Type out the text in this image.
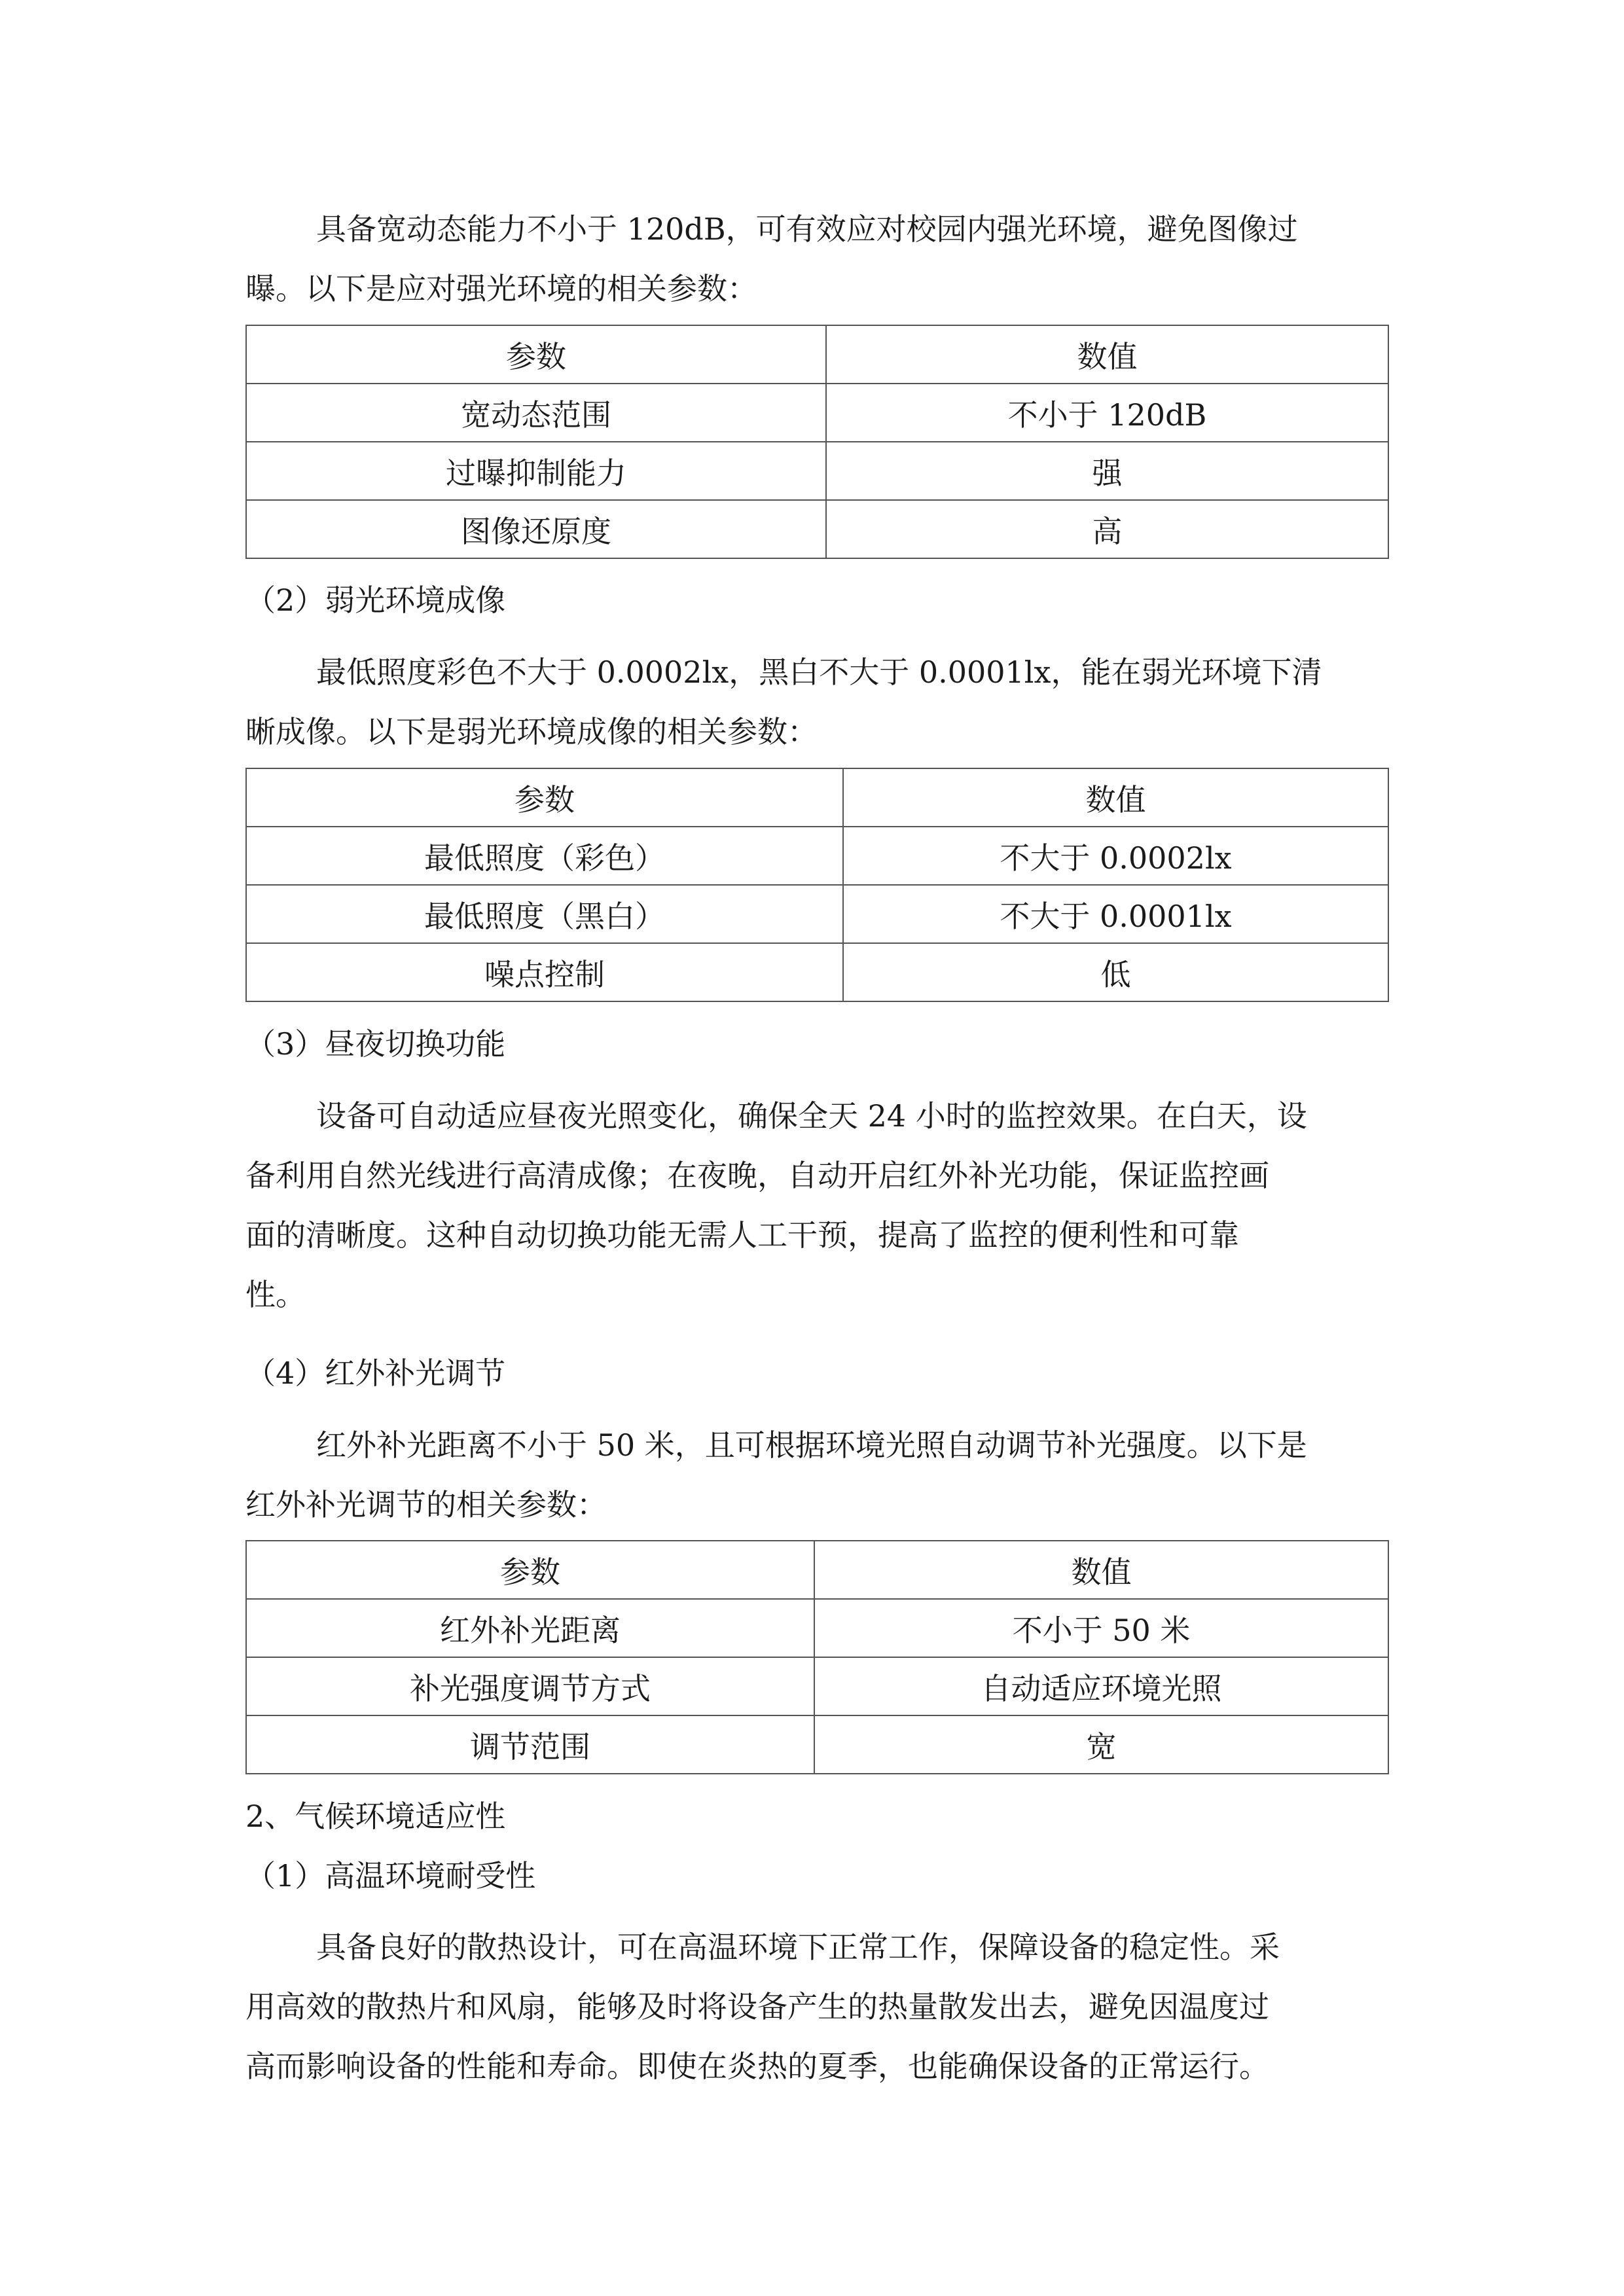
具备宽动态能力不小于 120dB，可有效应对校园内强光环境，避免图像过
曝。以下是应对强光环境的相关参数：
参数	数值
宽动态范围	不小于 120dB
过曝抑制能力	强
图像还原度	高
（2）弱光环境成像
最低照度彩色不大于 0.0002lx，黑白不大于 0.0001lx，能在弱光环境下清
晰成像。以下是弱光环境成像的相关参数：
参数	数值
最低照度（彩色）	不大于 0.0002lx
最低照度（黑白）	不大于 0.0001lx
噪点控制	低
（3）昼夜切换功能
设备可自动适应昼夜光照变化，确保全天 24 小时的监控效果。在白天，设
备利用自然光线进行高清成像；在夜晚，自动开启红外补光功能，保证监控画
面的清晰度。这种自动切换功能无需人工干预，提高了监控的便利性和可靠
性。
（4）红外补光调节
红外补光距离不小于 50 米，且可根据环境光照自动调节补光强度。以下是
红外补光调节的相关参数：
参数	数值
红外补光距离	不小于 50 米
补光强度调节方式	自动适应环境光照
调节范围	宽
2、气候环境适应性
（1）高温环境耐受性
具备良好的散热设计，可在高温环境下正常工作，保障设备的稳定性。采
用高效的散热片和风扇，能够及时将设备产生的热量散发出去，避免因温度过
高而影响设备的性能和寿命。即使在炎热的夏季，也能确保设备的正常运行。
